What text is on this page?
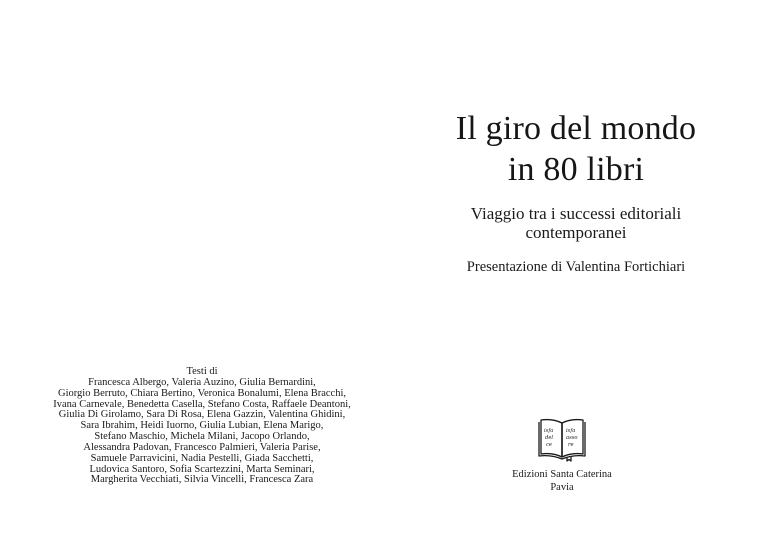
Testi di
Francesca Albergo, Valeria Auzino, Giulia Bernardini,
Giorgio Berruto, Chiara Bertino, Veronica Bonalumi, Elena Bracchi,
Ivana Carnevale, Benedetta Casella, Stefano Costa, Raffaele Deantoni,
Giulia Di Girolamo, Sara Di Rosa, Elena Gazzin, Valentina Ghidini,
Sara Ibrahim, Heidi Iuorno, Giulia Lubian, Elena Marigo,
Stefano Maschio, Michela Milani, Jacopo Orlando,
Alessandra Padovan, Francesco Palmieri, Valeria Parise,
Samuele Parravicini, Nadia Pestelli, Giada Sacchetti,
Ludovica Santoro, Sofia Scartezzini, Marta Seminari,
Margherita Vecchiati, Silvia Vincelli, Francesca Zara
Il giro del mondo
in 80 libri
Viaggio tra i successi editoriali
contemporanei
Presentazione di Valentina Fortichiari
isfa
del
ce
isfa
asso
re
Edizioni Santa Caterina
Pavia
